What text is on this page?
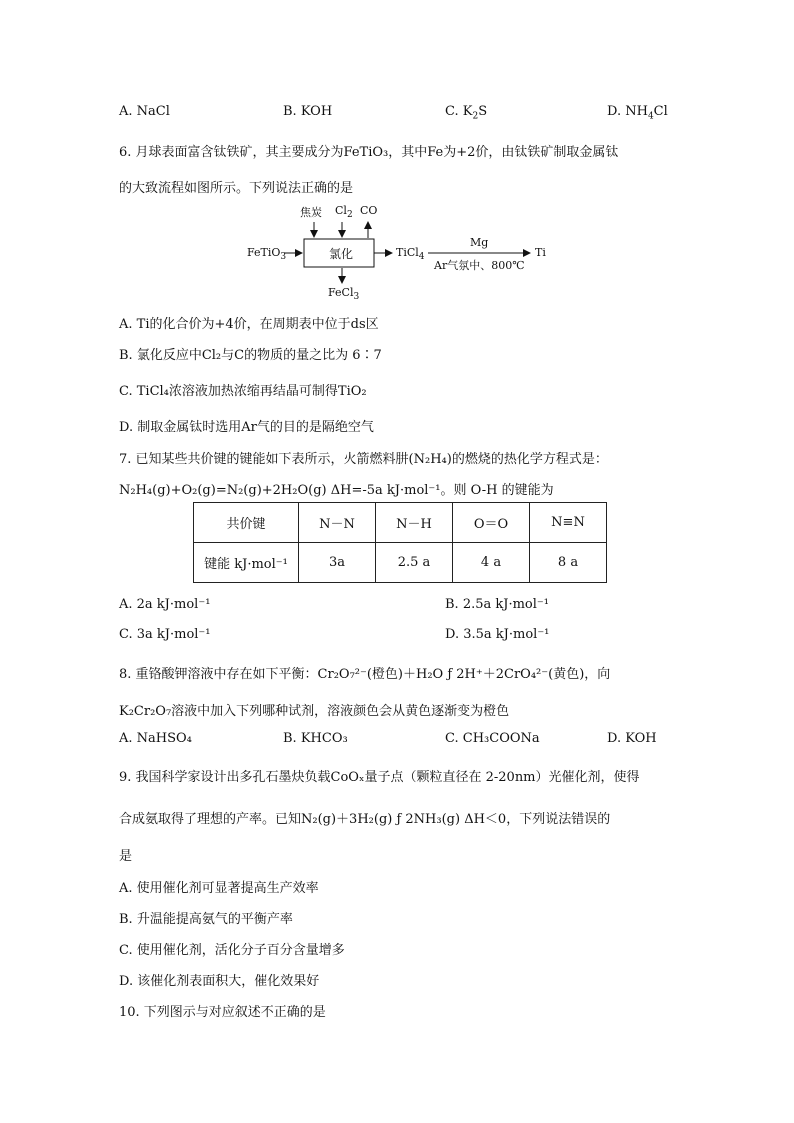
A. NaCl	B. KOH	C. $K_2S$	D. $NH_4Cl$
6. 月球表面富含钛铁矿，其主要成分为FeTiO₃，其中Fe为+2价，由钛铁矿制取金属钛
的大致流程如图所示。下列说法正确的是
FeTiO$_3$	氯化
焦炭 $Cl_2$ CO
FeCl$_3$
TiCl$_4$
Mg
Ar气氛中、800℃
Ti
A. Ti的化合价为+4价，在周期表中位于ds区
B. 氯化反应中Cl₂与C的物质的量之比为 6∶7
C. TiCl₄浓溶液加热浓缩再结晶可制得TiO₂
D. 制取金属钛时选用Ar气的目的是隔绝空气
7. 已知某些共价键的键能如下表所示，火箭燃料肼(N₂H₄)的燃烧的热化学方程式是：
N₂H₄(g)+O₂(g)=N₂(g)+2H₂O(g) ΔH=-5a kJ·mol⁻¹。则 O-H 的键能为
共价键	N－N	N－H	O＝O	N≡N
键能 kJ·mol⁻¹	3a	2.5 a	4 a	8 a
A. 2a kJ·mol⁻¹	B. 2.5a kJ·mol⁻¹
C. 3a kJ·mol⁻¹	D. 3.5a kJ·mol⁻¹
8. 重铬酸钾溶液中存在如下平衡：Cr₂O₇²⁻(橙色)＋H₂O ƒ 2H⁺＋2CrO₄²⁻(黄色)，向
K₂Cr₂O₇溶液中加入下列哪种试剂，溶液颜色会从黄色逐渐变为橙色
A. NaHSO₄	B. KHCO₃	C. CH₃COONa	D. KOH
9. 我国科学家设计出多孔石墨炔负载CoOₓ量子点（颗粒直径在 2-20nm）光催化剂，使得
合成氨取得了理想的产率。已知N₂(g)＋3H₂(g) ƒ 2NH₃(g) ΔH＜0，下列说法错误的
是
A. 使用催化剂可显著提高生产效率
B. 升温能提高氨气的平衡产率
C. 使用催化剂，活化分子百分含量增多
D. 该催化剂表面积大，催化效果好
10. 下列图示与对应叙述不正确的是
